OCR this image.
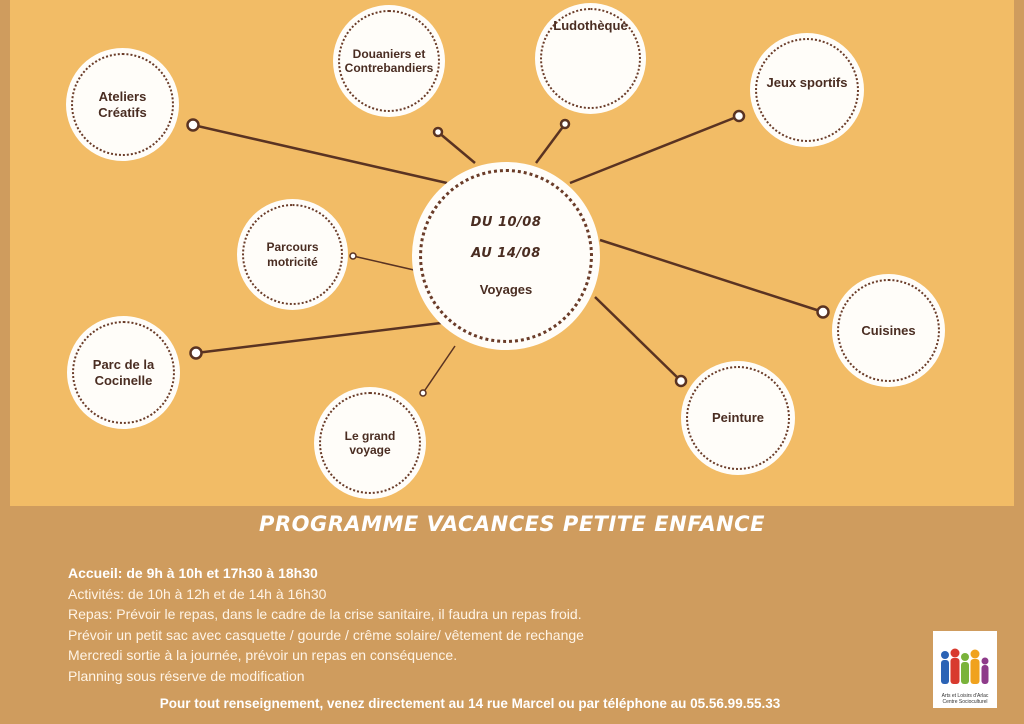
Ateliers
Créatifs
Douaniers et
Contrebandiers
Ludothèque
Jeux sportifs
Parcours
motricité
Cuisines
Parc de la
Cocinelle
Le grand
voyage
Peinture

DU 10/08

AU 14/08

Voyages

PROGRAMME VACANCES PETITE ENFANCE

Accueil: de 9h à 10h et 17h30 à 18h30

Activités: de 10h à 12h et de 14h à 16h30

Repas: Prévoir le repas, dans le cadre de la crise sanitaire, il faudra un repas froid.

Prévoir un petit sac avec casquette / gourde / crême solaire/ vêtement de rechange

Mercredi sortie à la journée, prévoir un repas en conséquence.

Planning sous réserve de modification

Pour tout renseignement, venez directement au 14 rue Marcel ou par téléphone au 05.56.99.55.33	Arts et Loisirs d'Arlac
Centre Socioculturel
